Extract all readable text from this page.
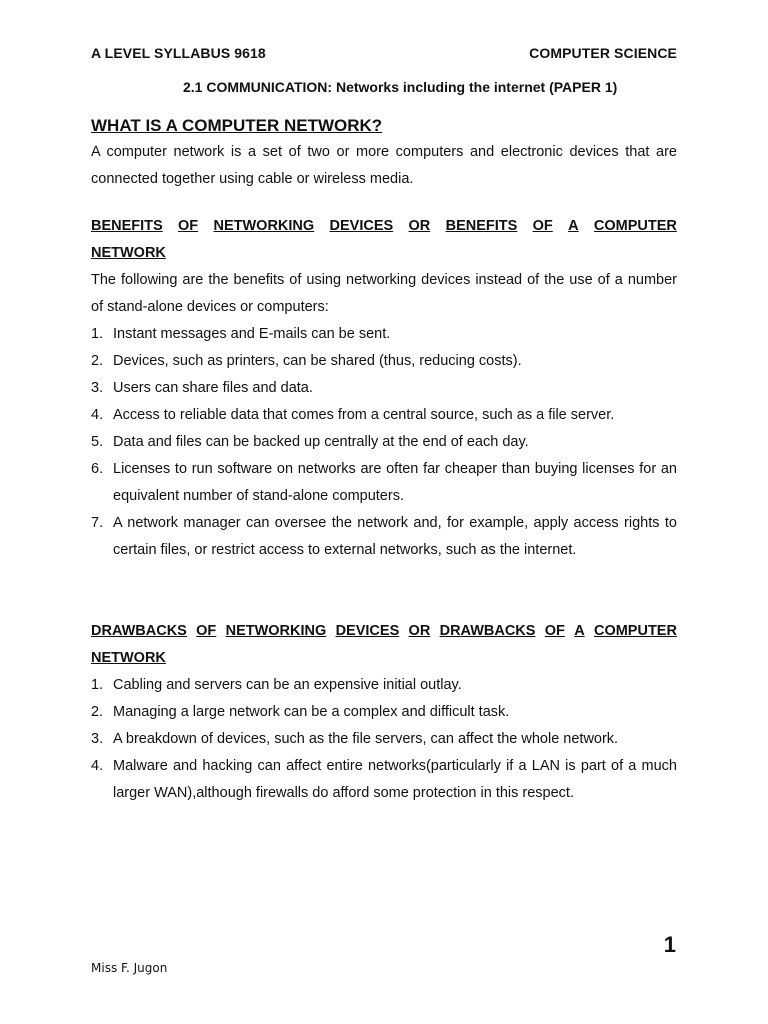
A LEVEL SYLLABUS 9618	COMPUTER SCIENCE
2.1 COMMUNICATION: Networks including the internet (PAPER 1)
WHAT IS A COMPUTER NETWORK?

A computer network is a set of two or more computers and electronic devices that are connected together using cable or wireless media.

BENEFITS OF NETWORKING DEVICES OR BENEFITS OF A COMPUTER
NETWORK

The following are the benefits of using networking devices instead of the use of a number of stand-alone devices or computers:

1. Instant messages and E-mails can be sent.
2. Devices, such as printers, can be shared (thus, reducing costs).
3. Users can share files and data.
4. Access to reliable data that comes from a central source, such as a file server.
5. Data and files can be backed up centrally at the end of each day.
6. Licenses to run software on networks are often far cheaper than buying licenses for an equivalent number of stand-alone computers.
7. A network manager can oversee the network and, for example, apply access rights to certain files, or restrict access to external networks, such as the internet.
DRAWBACKS OF NETWORKING DEVICES OR DRAWBACKS OF A COMPUTER
NETWORK
1. Cabling and servers can be an expensive initial outlay.
2. Managing a large network can be a complex and difficult task.
3. A breakdown of devices, such as the file servers, can affect the whole network.
4. Malware and hacking can affect entire networks(particularly if a LAN is part of a much larger WAN),although firewalls do afford some protection in this respect.
1
Miss F. Jugon
